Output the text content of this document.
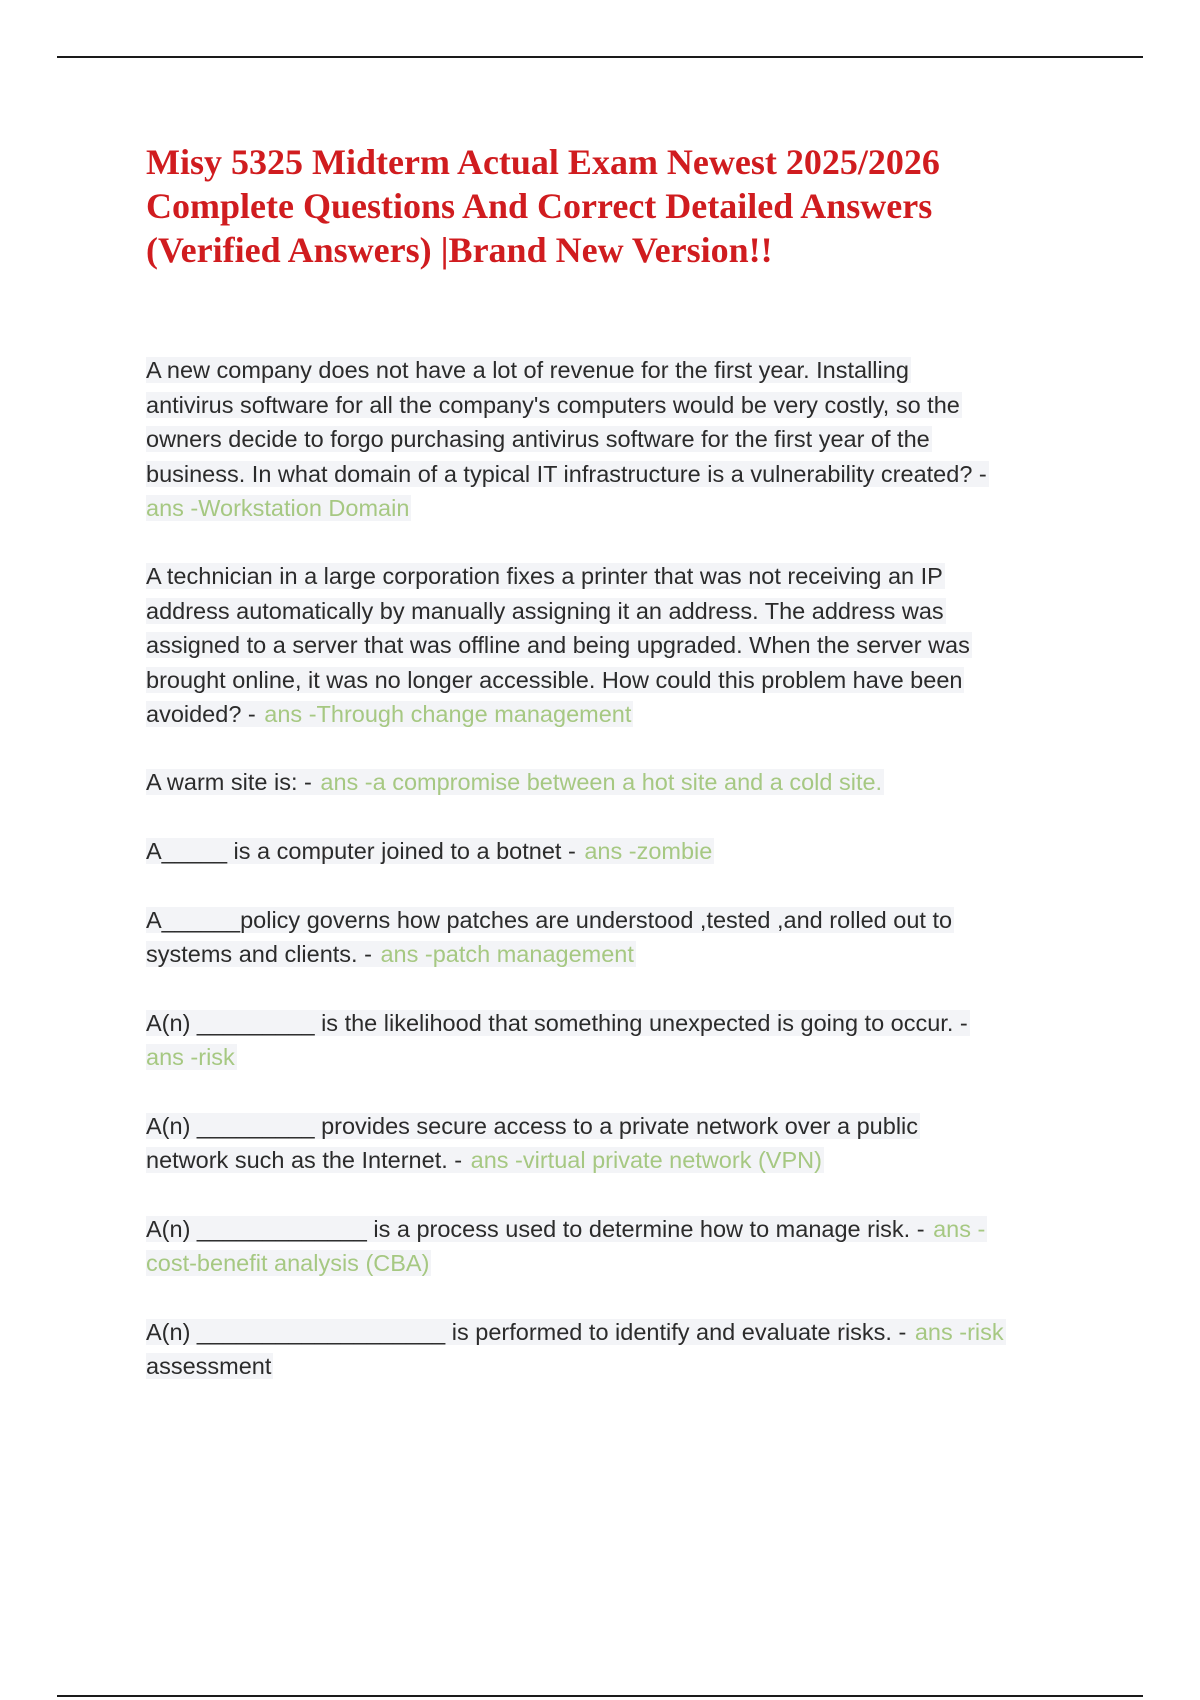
Misy 5325 Midterm Actual Exam Newest 2025/2026
Complete Questions And Correct Detailed Answers
(Verified Answers) |Brand New Version!!

A new company does not have a lot of revenue for the first year. Installing
antivirus software for all the company's computers would be very costly, so the
owners decide to forgo purchasing antivirus software for the first year of the
business. In what domain of a typical IT infrastructure is a vulnerability created? -
ans -Workstation Domain

A technician in a large corporation fixes a printer that was not receiving an IP
address automatically by manually assigning it an address. The address was
assigned to a server that was offline and being upgraded. When the server was
brought online, it was no longer accessible. How could this problem have been
avoided? - ans -Through change management

A warm site is: - ans -a compromise between a hot site and a cold site.

A_____ is a computer joined to a botnet - ans -zombie

A______policy governs how patches are understood ,tested ,and rolled out to
systems and clients. - ans -patch management

A(n) _________ is the likelihood that something unexpected is going to occur. -
ans -risk

A(n) _________ provides secure access to a private network over a public
network such as the Internet. - ans -virtual private network (VPN)

A(n) _____________ is a process used to determine how to manage risk. - ans -
cost-benefit analysis (CBA)

A(n) ___________________ is performed to identify and evaluate risks. - ans -risk
assessment
